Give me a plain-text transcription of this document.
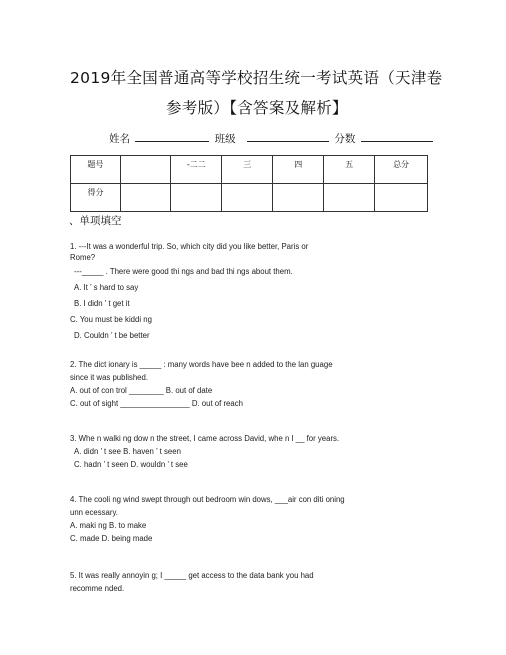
2019年全国普通高等学校招生统一考试英语（天津卷
参考版）【含答案及解析】
姓名	班级	分数
题号		-二二	三	四	五	总分
得分						
、单项填空
1. ---It was a wonderful trip. So, which city did you like better, Paris or
Rome?
---_____ . There were good thi ngs and bad thi ngs about them.
A. It ’ s hard to say
B. I didn ’ t get it
C. You must be kiddi ng
D. Couldn ’ t be better
2. The dict ionary is _____ : many words have bee n added to the lan guage
since it was published.
A. out of con trol ________ B. out of date
C. out of sight ________________ D. out of reach
3. Whe n walki ng dow n the street, I came across David, whe n I __ for years.
A. didn ’ t see B. haven ’ t seen
C. hadn ’ t seen D. wouldn ’ t see
4. The cooli ng wind swept through out bedroom win dows, ___air con diti oning
unn ecessary.
A. maki ng B. to make
C. made D. being made
5. It was really annoyin g; I _____ get access to the data bank you had
recomme nded.
